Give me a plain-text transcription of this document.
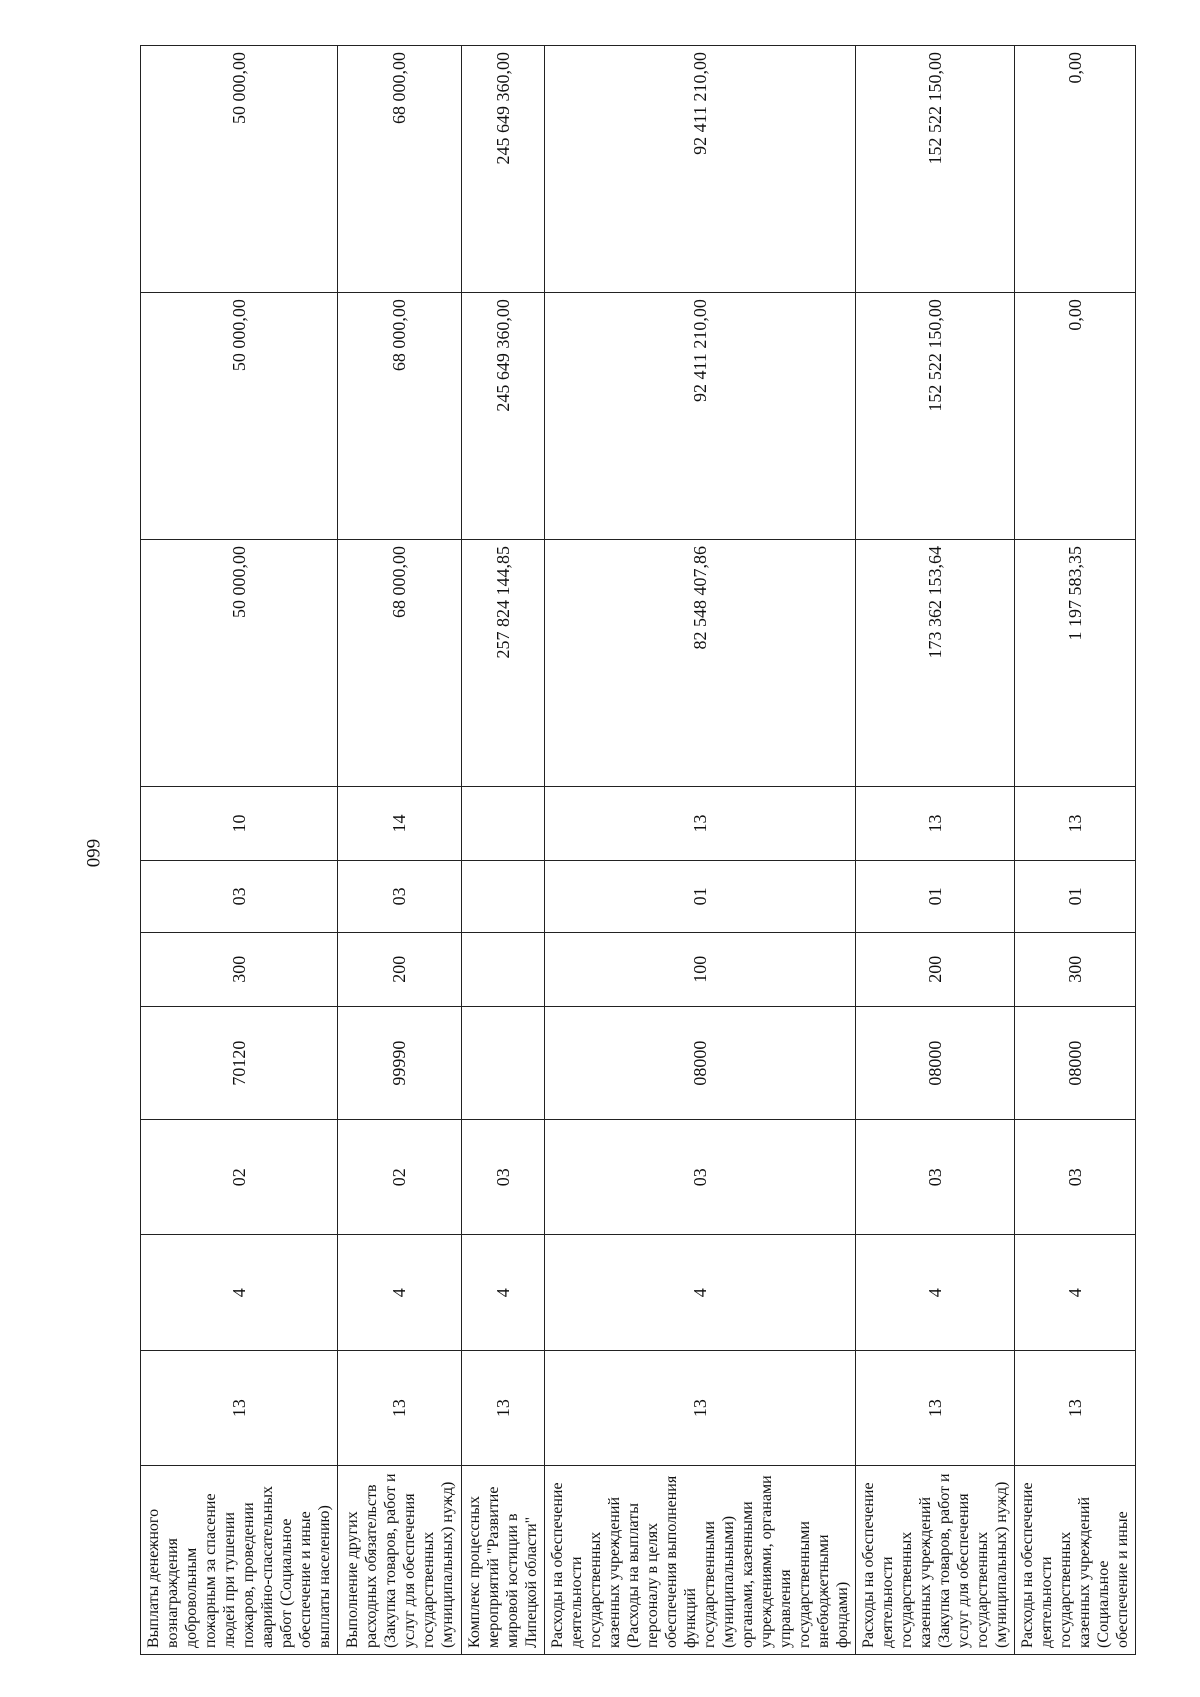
660
Выплаты денежного вознаграждения добровольным пожарным за спасение людей при тушении пожаров, проведении аварийно-спасательных работ (Социальное обеспечение и иные выплаты населению)	13	4	02	70120	300	03	10	50 000,00	50 000,00	50 000,00
Выполнение других расходных обязательств (Закупка товаров, работ и услуг для обеспечения государственных (муниципальных) нужд)	13	4	02	99990	200	03	14	68 000,00	68 000,00	68 000,00
Комплекс процессных мероприятий "Развитие мировой юстиции в Липецкой области"	13	4	03					257 824 144,85	245 649 360,00	245 649 360,00
Расходы на обеспечение деятельности государственных казенных учреждений (Расходы на выплаты персоналу в целях обеспечения выполнения функций государственными (муниципальными) органами, казенными учреждениями, органами управления государственными внебюджетными фондами)	13	4	03	08000	100	01	13	82 548 407,86	92 411 210,00	92 411 210,00
Расходы на обеспечение деятельности государственных казенных учреждений (Закупка товаров, работ и услуг для обеспечения государственных (муниципальных) нужд)	13	4	03	08000	200	01	13	173 362 153,64	152 522 150,00	152 522 150,00
Расходы на обеспечение деятельности государственных казенных учреждений (Социальное обеспечение и иные	13	4	03	08000	300	01	13	1 197 583,35	0,00	0,00
